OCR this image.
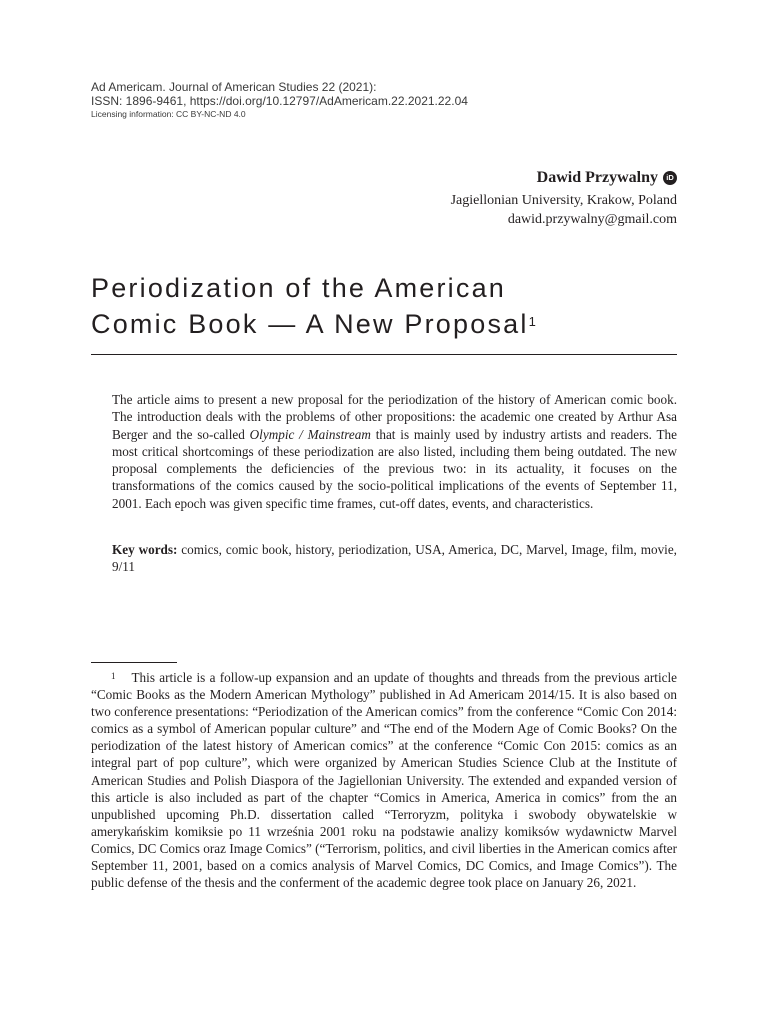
Ad Americam. Journal of American Studies 22 (2021):
ISSN: 1896-9461, https://doi.org/10.12797/AdAmericam.22.2021.22.04
Licensing information: CC BY-NC-ND 4.0
Dawid Przywalny	iD
Jagiellonian University, Krakow, Poland
dawid.przywalny@gmail.com
Periodization of the American
Comic Book — A New Proposal$^1$

The article aims to present a new proposal for the periodization of the history of American comic book. The introduction deals with the problems of other propositions: the academic one created by Arthur Asa Berger and the so-called Olympic / Mainstream that is mainly used by industry artists and readers. The most critical shortcomings of these periodization are also listed, including them being outdated. The new proposal complements the deficiencies of the previous two: in its actuality, it focuses on the transformations of the comics caused by the socio-political implications of the events of September 11, 2001. Each epoch was given specific time frames, cut-off dates, events, and characteristics.

Key words: comics, comic book, history, periodization, USA, America, DC, Marvel, Image, film, movie, 9/11

$^1$ This article is a follow-up expansion and an update of thoughts and threads from the previous article “Comic Books as the Modern American Mythology” published in Ad Americam 2014/15. It is also based on two conference presentations: “Periodization of the American comics” from the conference “Comic Con 2014: comics as a symbol of American popular culture” and “The end of the Modern Age of Comic Books? On the periodization of the latest history of American comics” at the conference “Comic Con 2015: comics as an integral part of pop culture”, which were organized by American Studies Science Club at the Institute of American Studies and Polish Diaspora of the Jagiellonian University. The extended and expanded version of this article is also included as part of the chapter “Comics in America, America in comics” from the an unpublished upcoming Ph.D. dissertation called “Terroryzm, polityka i swobody obywatelskie w amerykańskim komiksie po 11 września 2001 roku na podstawie analizy komiksów wydawnictw Marvel Comics, DC Comics oraz Image Comics” (“Terrorism, politics, and civil liberties in the American comics after September 11, 2001, based on a comics analysis of Marvel Comics, DC Comics, and Image Comics”). The public defense of the thesis and the conferment of the academic degree took place on January 26, 2021.
